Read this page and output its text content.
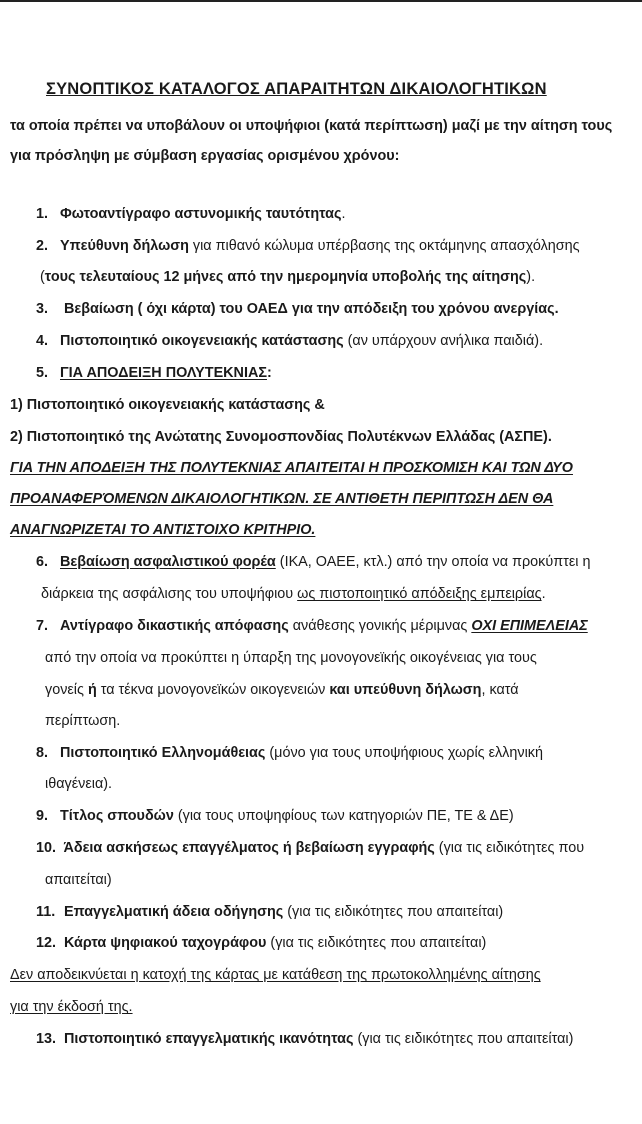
ΣΥΝΟΠΤΙΚΟΣ ΚΑΤΑΛΟΓΟΣ ΑΠΑΡΑΙΤΗΤΩΝ ΔΙΚΑΙΟΛΟΓΗΤΙΚΩΝ
τα οποία πρέπει να υποβάλουν οι υποψήφιοι (κατά περίπτωση) μαζί με την αίτηση τους
για πρόσληψη με σύμβαση εργασίας ορισμένου χρόνου:
1. Φωτοαντίγραφο αστυνομικής ταυτότητας.
2. Υπεύθυνη δήλωση για πιθανό κώλυμα υπέρβασης της οκτάμηνης απασχόλησης
(τους τελευταίους 12 μήνες από την ημερομηνία υποβολής της αίτησης).
3. Βεβαίωση ( όχι κάρτα) του ΟΑΕΔ για την απόδειξη του χρόνου ανεργίας.
4. Πιστοποιητικό οικογενειακής κατάστασης (αν υπάρχουν ανήλικα παιδιά).
5. ΓΙΑ ΑΠΟΔΕΙΞΗ ΠΟΛΥΤΕΚΝΙΑΣ:
1) Πιστοποιητικό οικογενειακής κατάστασης &
2) Πιστοποιητικό της Ανώτατης Συνομοσπονδίας Πολυτέκνων Ελλάδας (ΑΣΠΕ).
ΓΙΑ ΤΗΝ ΑΠΟΔΕΙΞΗ ΤΗΣ ΠΟΛΥΤΕΚΝΙΑΣ ΑΠΑΙΤΕΙΤΑΙ Η ΠΡΟΣΚΟΜΙΣΗ ΚΑΙ ΤΩΝ ΔΥΟ
ΠΡΟΑΝΑΦΕΡΌΜΕΝΩΝ ΔΙΚΑΙΟΛΟΓΗΤΙΚΩΝ. ΣΕ ΑΝΤΙΘΕΤΗ ΠΕΡΙΠΤΩΣΗ ΔΕΝ ΘΑ
ΑΝΑΓΝΩΡΙΖΕΤΑΙ ΤΟ ΑΝΤΙΣΤΟΙΧΟ ΚΡΙΤΗΡΙΟ.
6. Βεβαίωση ασφαλιστικού φορέα (ΙΚΑ, ΟΑΕΕ, κτλ.) από την οποία να προκύπτει η
διάρκεια της ασφάλισης του υποψήφιου ως πιστοποιητικό απόδειξης εμπειρίας.
7. Αντίγραφο δικαστικής απόφασης ανάθεσης γονικής μέριμνας ΟΧΙ ΕΠΙΜΕΛΕΙΑΣ
από την οποία να προκύπτει η ύπαρξη της μονογονεϊκής οικογένειας για τους
γονείς ή τα τέκνα μονογονεϊκών οικογενειών και υπεύθυνη δήλωση, κατά
περίπτωση.
8. Πιστοποιητικό Ελληνομάθειας (μόνο για τους υποψήφιους χωρίς ελληνική
ιθαγένεια).
9. Τίτλος σπουδών (για τους υποψηφίους των κατηγοριών ΠΕ, ΤΕ & ΔΕ)
10. Άδεια ασκήσεως επαγγέλματος ή βεβαίωση εγγραφής (για τις ειδικότητες που
απαιτείται)
11. Επαγγελματική άδεια οδήγησης (για τις ειδικότητες που απαιτείται)
12. Κάρτα ψηφιακού ταχογράφου (για τις ειδικότητες που απαιτείται)
Δεν αποδεικνύεται η κατοχή της κάρτας με κατάθεση της πρωτοκολλημένης αίτησης
για την έκδοσή της.
13. Πιστοποιητικό επαγγελματικής ικανότητας (για τις ειδικότητες που απαιτείται)
